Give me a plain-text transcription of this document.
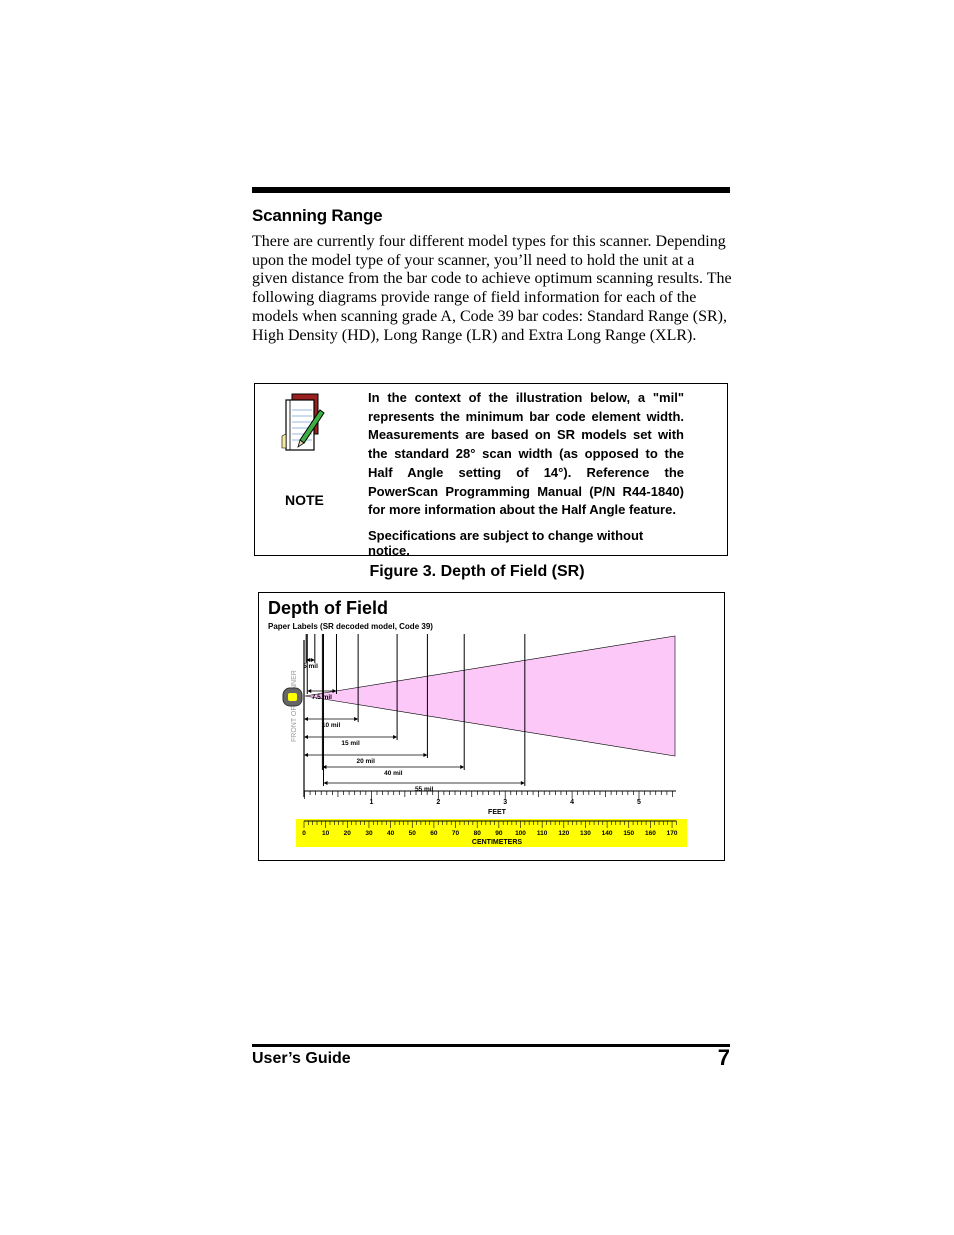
Scanning Range
There are currently four different model types for this scanner. Depending upon the model type of your scanner, you’ll need to hold the unit at a given distance from the bar code to achieve optimum scanning results. The following diagrams provide range of field information for each of the models when scanning grade A, Code 39 bar codes: Standard Range (SR), High Density (HD), Long Range (LR) and Extra Long Range (XLR).
NOTE
In the context of the illustration below, a "mil" represents the minimum bar code element width. Measurements are based on SR models set with the standard 28° scan width (as opposed to the Half Angle setting of 14°). Reference the PowerScan Programming Manual (P/N R44-1840) for more information about the Half Angle feature.
Specifications are subject to change without notice.
Figure 3. Depth of Field (SR)
Depth of Field
Paper Labels (SR decoded model, Code 39)
5 mil
7.5 mil
10 mil
15 mil
20 mil
40 mil
55 mil
1	2	3	4	5
0 10 20 30 40 50 60 70 80 90 100 110 120 130 140 150 160 170
FEET
CENTIMETERS
User’s Guide	7
